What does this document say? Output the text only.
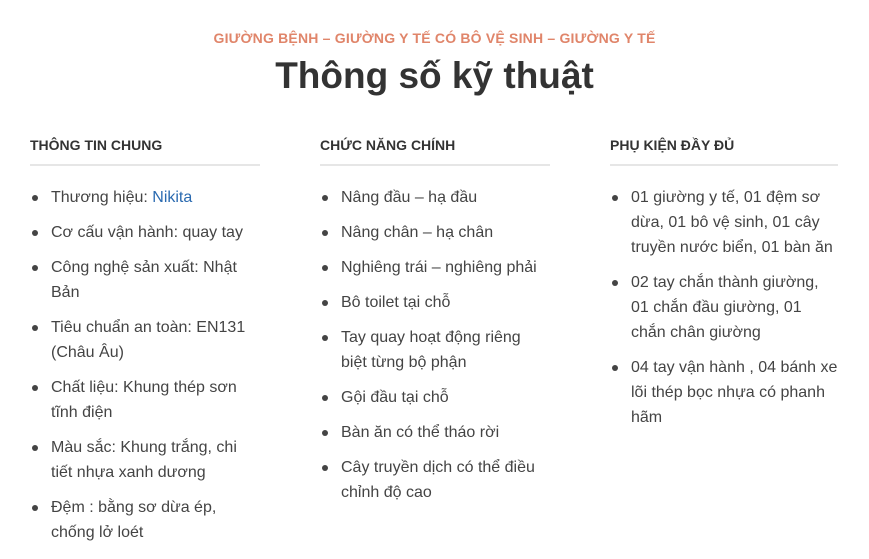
GIƯỜNG BỆNH – GIƯỜNG Y TẾ CÓ BÔ VỆ SINH – GIƯỜNG Y TẾ
Thông số kỹ thuật
THÔNG TIN CHUNG
Thương hiệu: Nikita
Cơ cấu vận hành: quay tay
Công nghệ sản xuất: Nhật Bản
Tiêu chuẩn an toàn: EN131 (Châu Âu)
Chất liệu: Khung thép sơn tĩnh điện
Màu sắc: Khung trắng, chi tiết nhựa xanh dương
Đệm : bằng sơ dừa ép, chống lở loét
CHỨC NĂNG CHÍNH
Nâng đầu – hạ đầu
Nâng chân – hạ chân
Nghiêng trái – nghiêng phải
Bô toilet tại chỗ
Tay quay hoạt động riêng biệt từng bộ phận
Gội đầu tại chỗ
Bàn ăn có thể tháo rời
Cây truyền dịch có thể điều chỉnh độ cao
PHỤ KIỆN ĐẦY ĐỦ
01 giường y tế, 01 đệm sơ dừa, 01 bô vệ sinh, 01 cây truyền nước biển, 01 bàn ăn
02 tay chắn thành giường, 01 chắn đầu giường, 01 chắn chân giường
04 tay vận hành , 04 bánh xe lõi thép bọc nhựa có phanh hãm
